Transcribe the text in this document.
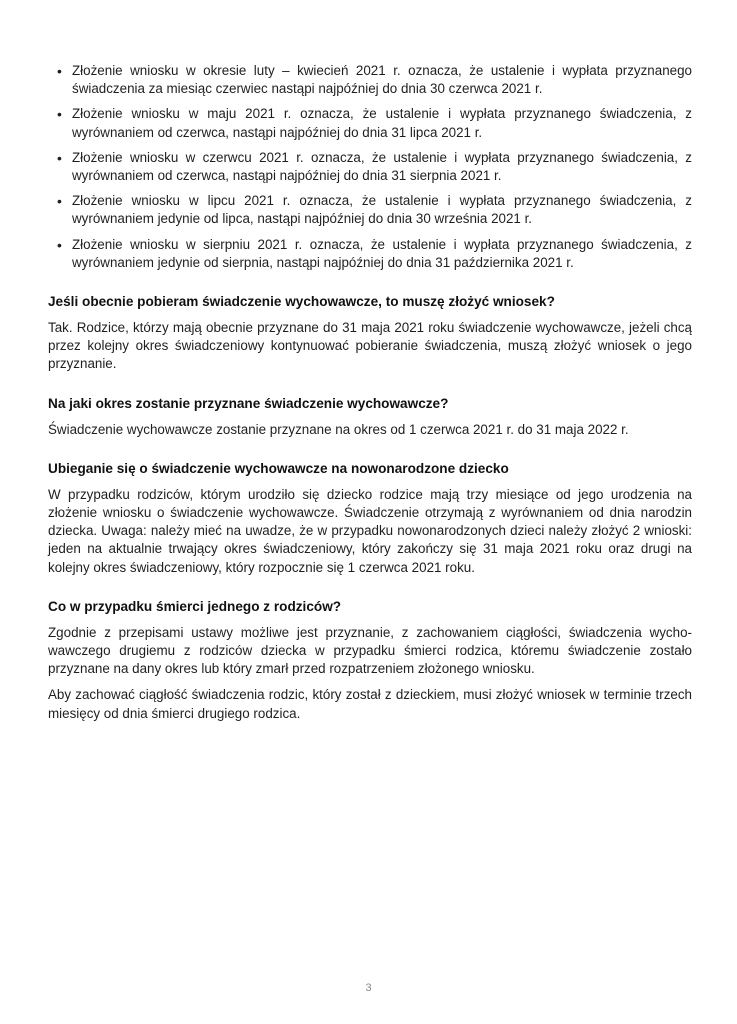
• Złożenie wniosku w okresie luty – kwiecień 2021 r. oznacza, że ustalenie i wypłata przyznanego świadczenia za miesiąc czerwiec nastąpi najpóźniej do dnia 30 czerwca 2021 r.
• Złożenie wniosku w maju 2021 r. oznacza, że ustalenie i wypłata przyznanego świadczenia, z wyrównaniem od czerwca, nastąpi najpóźniej do dnia 31 lipca 2021 r.
• Złożenie wniosku w czerwcu 2021 r. oznacza, że ustalenie i wypłata przyznanego świadczenia, z wyrównaniem od czerwca, nastąpi najpóźniej do dnia 31 sierpnia 2021 r.
• Złożenie wniosku w lipcu 2021 r. oznacza, że ustalenie i wypłata przyznanego świadczenia, z wyrównaniem jedynie od lipca, nastąpi najpóźniej do dnia 30 września 2021 r.
• Złożenie wniosku w sierpniu 2021 r. oznacza, że ustalenie i wypłata przyznanego świadczenia, z wyrównaniem jedynie od sierpnia, nastąpi najpóźniej do dnia 31 października 2021 r.
Jeśli obecnie pobieram świadczenie wychowawcze, to muszę złożyć wniosek?

Tak. Rodzice, którzy mają obecnie przyznane do 31 maja 2021 roku świadczenie wychowawcze, jeżeli chcą przez kolejny okres świadczeniowy kontynuować pobieranie świadczenia, muszą złożyć wniosek o jego przyznanie.

Na jaki okres zostanie przyznane świadczenie wychowawcze?

Świadczenie wychowawcze zostanie przyznane na okres od 1 czerwca 2021 r. do 31 maja 2022 r.

Ubieganie się o świadczenie wychowawcze na nowonarodzone dziecko

W przypadku rodziców, którym urodziło się dziecko rodzice mają trzy miesiące od jego urodzenia na złożenie wniosku o świadczenie wychowawcze. Świadczenie otrzymają z wyrównaniem od dnia narodzin dziecka. Uwaga: należy mieć na uwadze, że w przypadku nowonarodzonych dzieci należy złożyć 2 wnioski: jeden na aktualnie trwający okres świadczeniowy, który zakończy się 31 maja 2021 roku oraz drugi na kolejny okres świadczeniowy, który rozpocznie się 1 czerwca 2021 roku.

Co w przypadku śmierci jednego z rodziców?

Zgodnie z przepisami ustawy możliwe jest przyznanie, z zachowaniem ciągłości, świadczenia wychowawczego drugiemu z rodziców dziecka w przypadku śmierci rodzica, któremu świadczenie zostało przyznane na dany okres lub który zmarł przed rozpatrzeniem złożonego wniosku.

Aby zachować ciągłość świadczenia rodzic, który został z dzieckiem, musi złożyć wniosek w terminie trzech miesięcy od dnia śmierci drugiego rodzica.

3
